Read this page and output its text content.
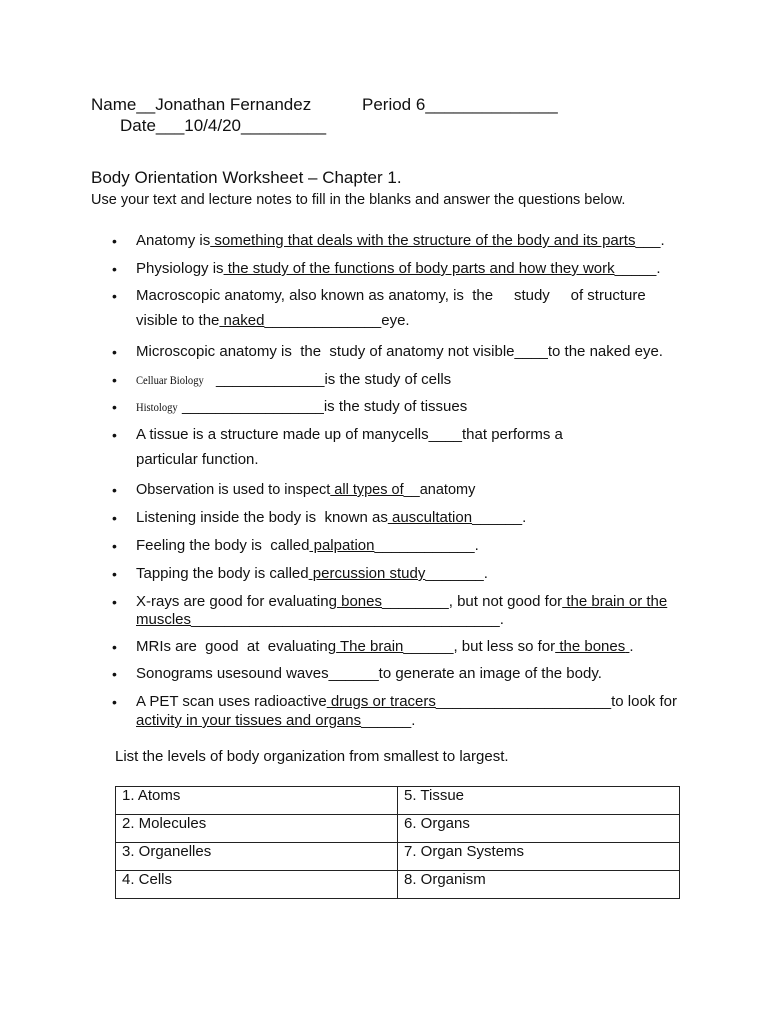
Name__Jonathan Fernandez	Period 6______________
Date___10/4/20_________
Body Orientation Worksheet – Chapter 1.
Use your text and lecture notes to fill in the blanks and answer the questions below.
• Anatomy is something that deals with the structure of the body and its parts___.
• Physiology is the study of the functions of body parts and how they work_____.
• Macroscopic anatomy, also known as anatomy, is  the     study     of structure
visible to the naked______________eye.
• Microscopic anatomy is  the  study of anatomy not visible____to the naked eye.
• Celluar Biology _____________is the study of cells
• Histology _________________is the study of tissues
• A tissue is a structure made up of manycells____that performs a
particular function.
• Observation is used to inspect all types of__anatomy
• Listening inside the body is  known as auscultation______.
• Feeling the body is  called palpation____________.
• Tapping the body is called percussion study_______.
• X-rays are good for evaluating bones________, but not good for the brain or the
muscles_____________________________________.
• MRIs are  good  at  evaluating The brain______, but less so for the bones .
• Sonograms usesound waves______to generate an image of the body.
• A PET scan uses radioactive drugs or tracers_____________________to look for
activity in your tissues and organs______.
List the levels of body organization from smallest to largest.
1. Atoms	5. Tissue
2. Molecules	6. Organs
3. Organelles	7. Organ Systems
4. Cells	8. Organism
